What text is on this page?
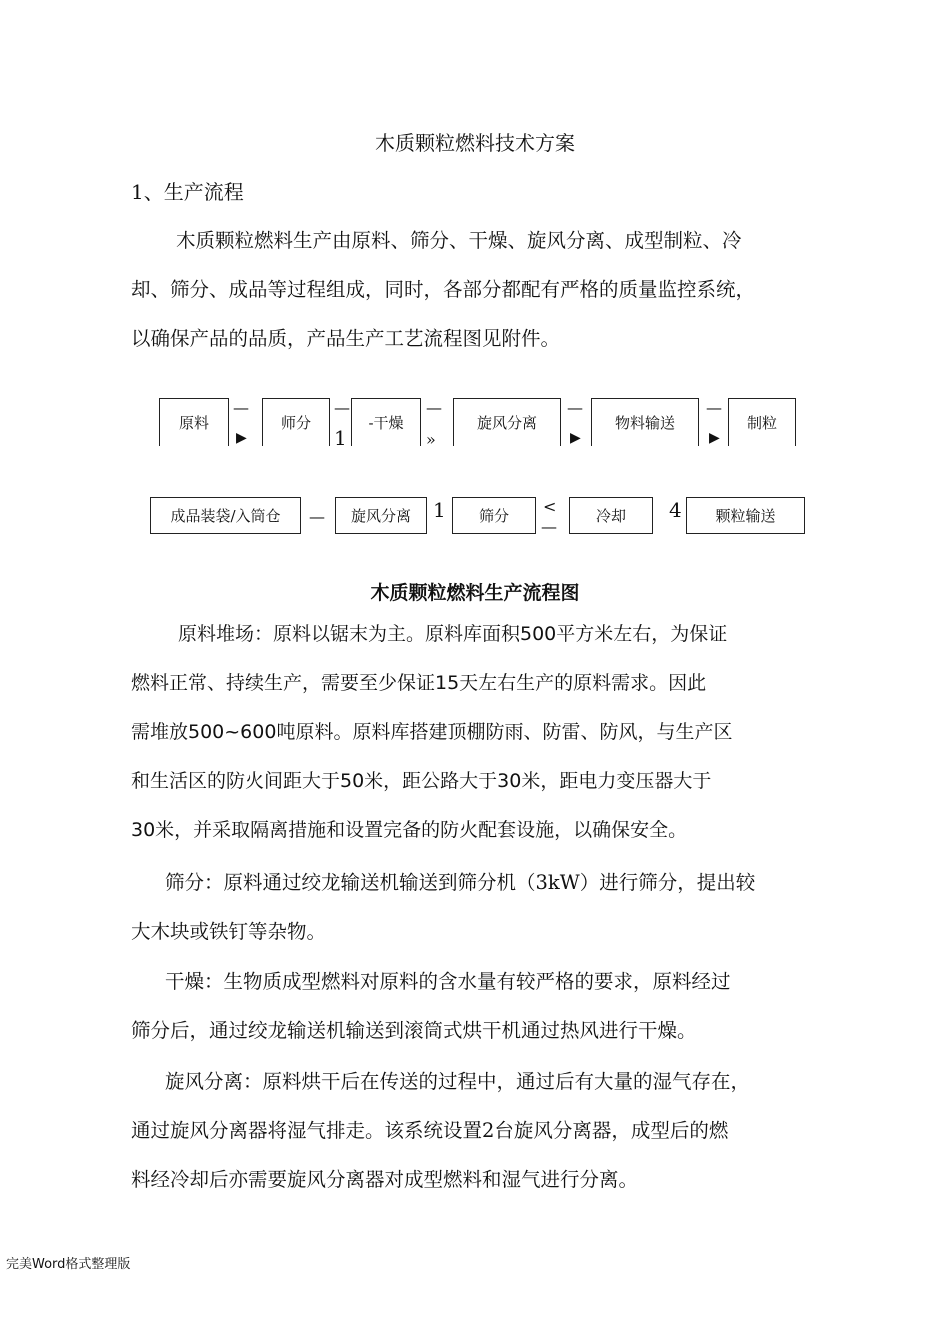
木质颗粒燃料技术方案
1、生产流程
木质颗粒燃料生产由原料、筛分、干燥、旋风分离、成型制粒、冷
却、筛分、成品等过程组成，同时，各部分都配有严格的质量监控系统，
以确保产品的品质，产品生产工艺流程图见附件。
原料
—
▶
师分
—
1
-干燥
—
»
旋风分离
—
▶
物料输送
—
▶
制粒
成品装袋/入筒仓	—	旋风分离	1	筛分	<
—
冷却	4	颗粒输送
木质颗粒燃料生产流程图
原料堆场：原料以锯末为主。原料库面积500平方米左右，为保证
燃料正常、持续生产，需要至少保证15天左右生产的原料需求。因此
需堆放500~600吨原料。原料库搭建顶棚防雨、防雷、防风，与生产区
和生活区的防火间距大于50米，距公路大于30米，距电力变压器大于
30米，并采取隔离措施和设置完备的防火配套设施，以确保安全。
筛分：原料通过绞龙输送机输送到筛分机（3kW）进行筛分，提出较
大木块或铁钉等杂物。
干燥：生物质成型燃料对原料的含水量有较严格的要求，原料经过
筛分后，通过绞龙输送机输送到滚筒式烘干机通过热风进行干燥。
旋风分离：原料烘干后在传送的过程中，通过后有大量的湿气存在，
通过旋风分离器将湿气排走。该系统设置2台旋风分离器，成型后的燃
料经冷却后亦需要旋风分离器对成型燃料和湿气进行分离。
完美Word格式整理版
